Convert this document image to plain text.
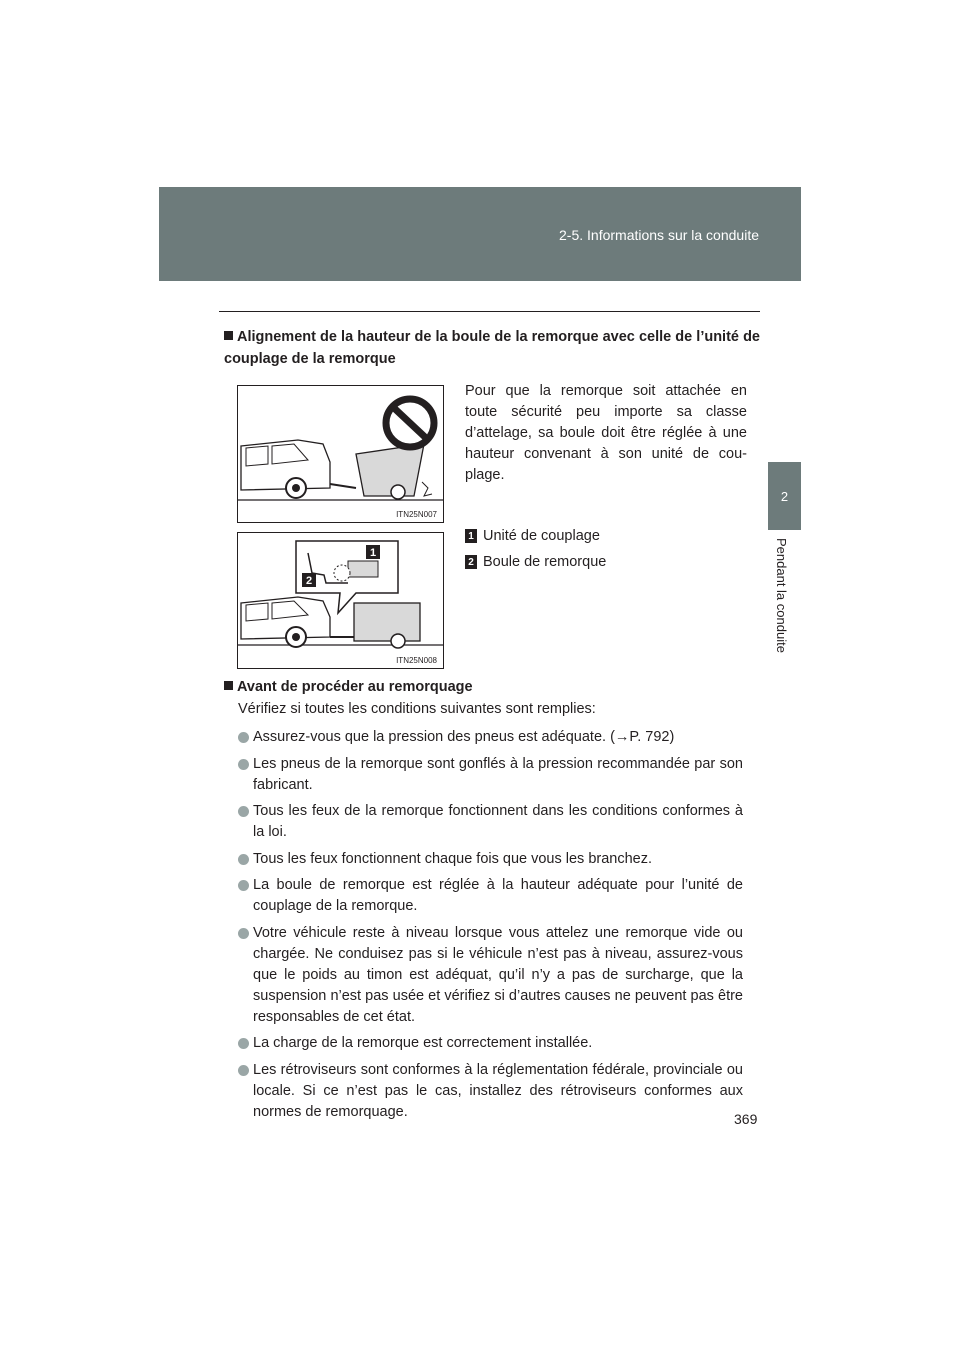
2-5. Informations sur la conduite
2
Pendant la conduite
Alignement de la hauteur de la boule de la remorque avec celle de l’unité de couplage de la remorque
ITN25N007
1
2
ITN25N008
Pour que la remorque soit attachée en toute sécurité peu importe sa classe d’attelage, sa boule doit être réglée à une hauteur convenant à son unité de cou-plage.
1 Unité de couplage
2 Boule de remorque
Avant de procéder au remorquage
Vérifiez si toutes les conditions suivantes sont remplies:
Assurez-vous que la pression des pneus est adéquate. (→P. 792)
Les pneus de la remorque sont gonflés à la pression recommandée par son fabricant.
Tous les feux de la remorque fonctionnent dans les conditions conformes à la loi.
Tous les feux fonctionnent chaque fois que vous les branchez.
La boule de remorque est réglée à la hauteur adéquate pour l’unité de couplage de la remorque.
Votre véhicule reste à niveau lorsque vous attelez une remorque vide ou chargée. Ne conduisez pas si le véhicule n’est pas à niveau, assurez-vous que le poids au timon est adéquat, qu’il n’y a pas de surcharge, que la suspension n’est pas usée et vérifiez si d’autres causes ne peuvent pas être responsables de cet état.
La charge de la remorque est correctement installée.
Les rétroviseurs sont conformes à la réglementation fédérale, provinciale ou locale. Si ce n’est pas le cas, installez des rétroviseurs conformes aux normes de remorquage.	369
